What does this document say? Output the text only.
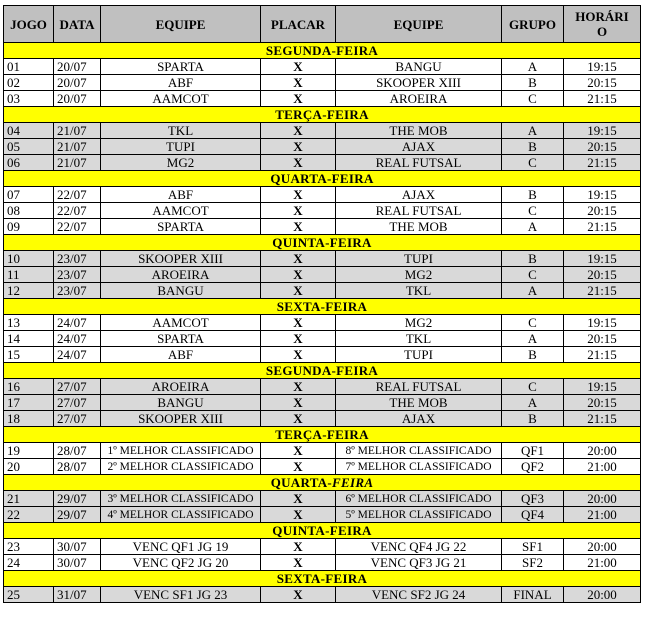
JOGO	DATA	EQUIPE	PLACAR	EQUIPE	GRUPO	HORÁRIO
SEGUNDA-FEIRA						
01	20/07	SPARTA	X	BANGU	A	19:15
02	20/07	ABF	X	SKOOPER XIII	B	20:15
03	20/07	AAMCOT	X	AROEIRA	C	21:15
TERÇA-FEIRA						
04	21/07	TKL	X	THE MOB	A	19:15
05	21/07	TUPI	X	AJAX	B	20:15
06	21/07	MG2	X	REAL FUTSAL	C	21:15
QUARTA-FEIRA						
07	22/07	ABF	X	AJAX	B	19:15
08	22/07	AAMCOT	X	REAL FUTSAL	C	20:15
09	22/07	SPARTA	X	THE MOB	A	21:15
QUINTA-FEIRA						
10	23/07	SKOOPER XIII	X	TUPI	B	19:15
11	23/07	AROEIRA	X	MG2	C	20:15
12	23/07	BANGU	X	TKL	A	21:15
SEXTA-FEIRA						
13	24/07	AAMCOT	X	MG2	C	19:15
14	24/07	SPARTA	X	TKL	A	20:15
15	24/07	ABF	X	TUPI	B	21:15
SEGUNDA-FEIRA						
16	27/07	AROEIRA	X	REAL FUTSAL	C	19:15
17	27/07	BANGU	X	THE MOB	A	20:15
18	27/07	SKOOPER XIII	X	AJAX	B	21:15
TERÇA-FEIRA						
19	28/07	1º MELHOR CLASSIFICADO	X	8º MELHOR CLASSIFICADO	QF1	20:00
20	28/07	2º MELHOR CLASSIFICADO	X	7º MELHOR CLASSIFICADO	QF2	21:00
QUARTA-FEIRA						
21	29/07	3º MELHOR CLASSIFICADO	X	6º MELHOR CLASSIFICADO	QF3	20:00
22	29/07	4º MELHOR CLASSIFICADO	X	5º MELHOR CLASSIFICADO	QF4	21:00
QUINTA-FEIRA						
23	30/07	VENC QF1 JG 19	X	VENC QF4 JG 22	SF1	20:00
24	30/07	VENC QF2 JG 20	X	VENC QF3 JG 21	SF2	21:00
SEXTA-FEIRA						
25	31/07	VENC SF1 JG 23	X	VENC SF2 JG 24	FINAL	20:00
